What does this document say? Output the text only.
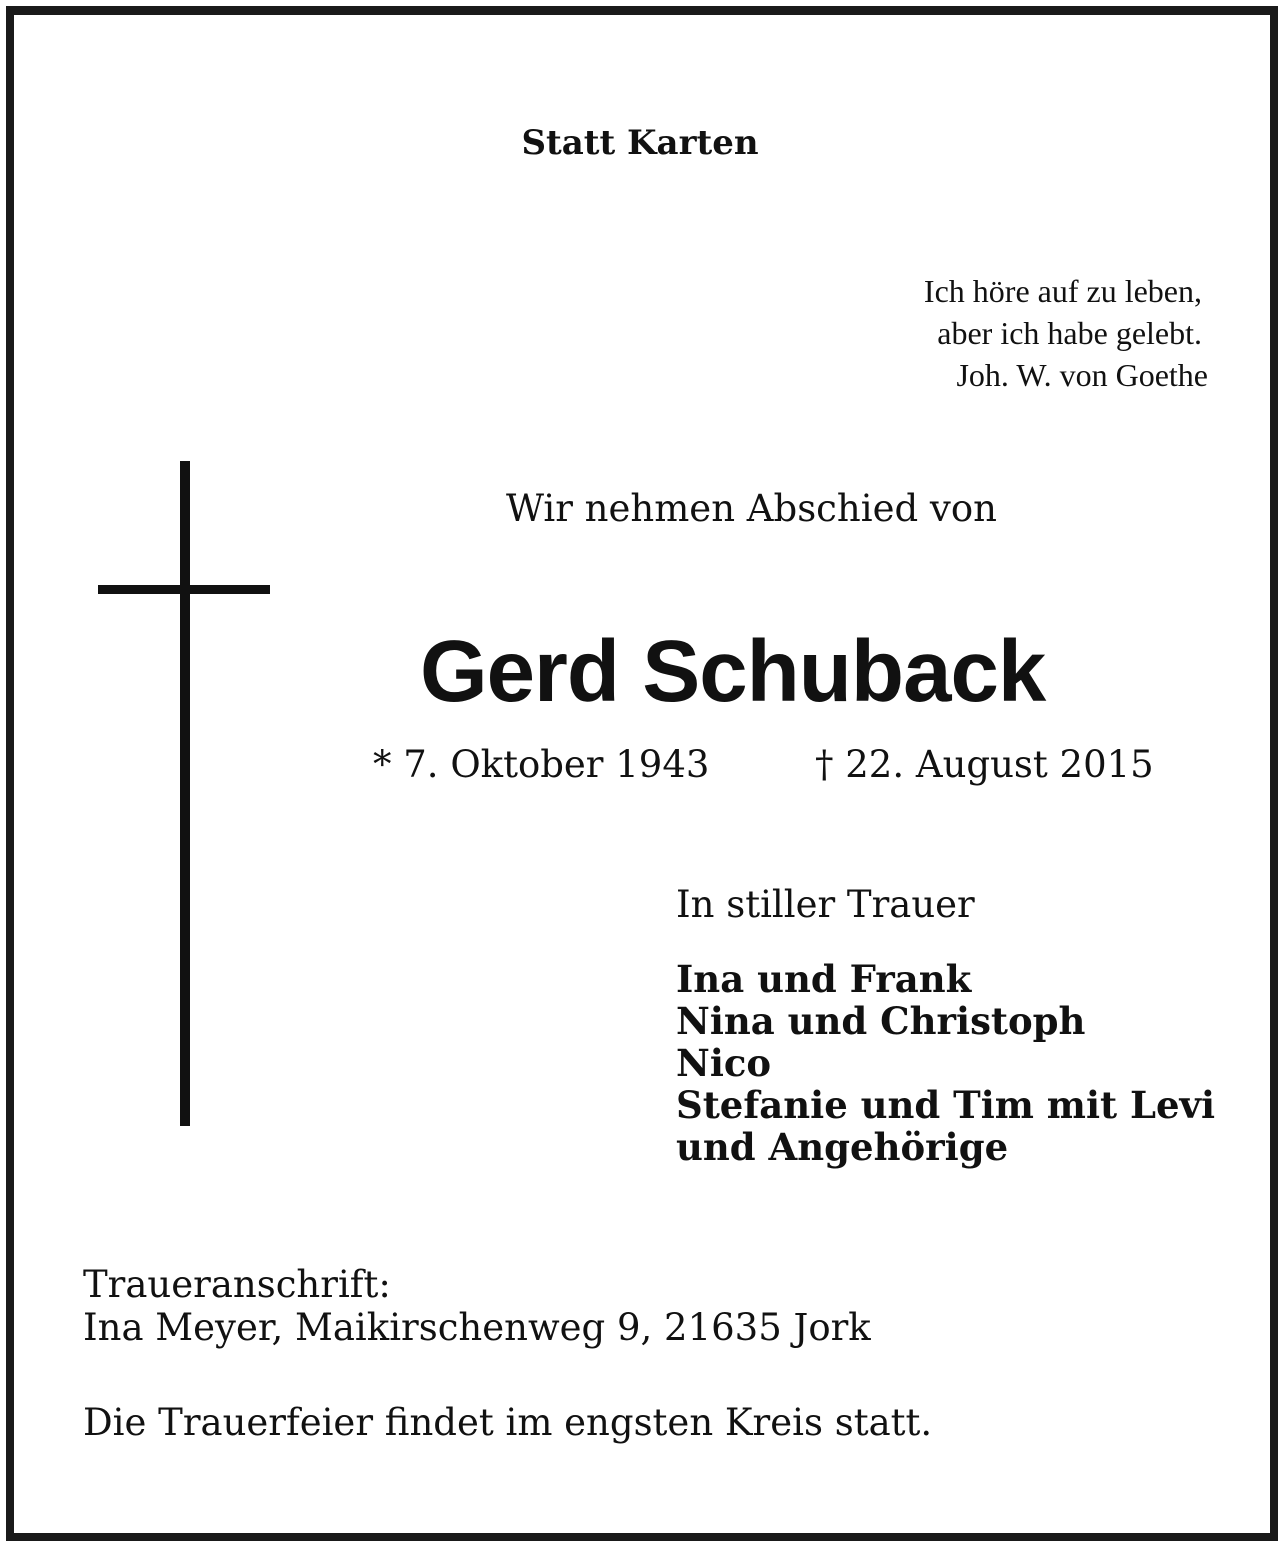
Statt Karten
Ich höre auf zu leben,
aber ich habe gelebt.
Joh. W. von Goethe
Wir nehmen Abschied von
Gerd Schuback
* 7. Oktober 1943	† 22. August 2015
In stiller Trauer
Ina und Frank
Nina und Christoph
Nico
Stefanie und Tim mit Levi
und Angehörige
Traueranschrift:
Ina Meyer, Maikirschenweg 9, 21635 Jork
Die Trauerfeier findet im engsten Kreis statt.
